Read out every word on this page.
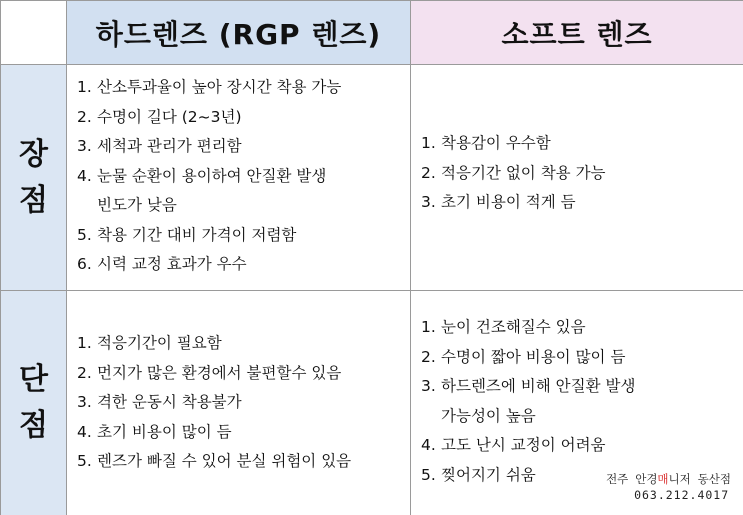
하드렌즈 (RGP 렌즈)	소프트 렌즈
장
점
1. 산소투과율이 높아 장시간 착용 가능
2. 수명이 길다 (2~3년)
3. 세척과 관리가 편리함
4. 눈물 순환이 용이하여 안질환 발생
빈도가 낮음
5. 착용 기간 대비 가격이 저렴함
6. 시력 교정 효과가 우수
1. 착용감이 우수함
2. 적응기간 없이 착용 가능
3. 초기 비용이 적게 듬
단
점
1. 적응기간이 필요함
2. 먼지가 많은 환경에서 불편할수 있음
3. 격한 운동시 착용불가
4. 초기 비용이 많이 듬
5. 렌즈가 빠질 수 있어 분실 위험이 있음
1. 눈이 건조해질수 있음
2. 수명이 짧아 비용이 많이 듬
3. 하드렌즈에 비해 안질환 발생
가능성이 높음
4. 고도 난시 교정이 어려움
5. 찢어지기 쉬움	전주 안경매니저 동산점
063.212.4017
